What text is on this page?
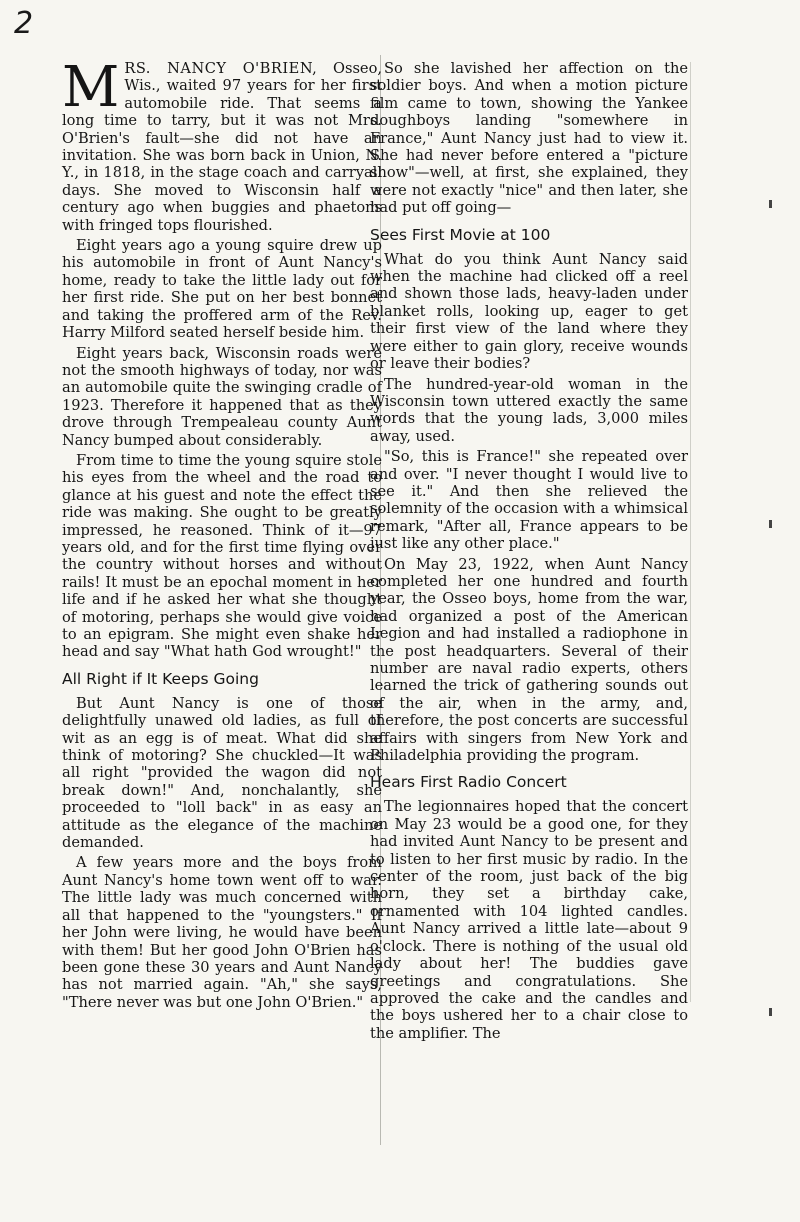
2

MRS. NANCY O'BRIEN, Osseo, Wis., waited 97 years for her first automobile ride. That seems a long time to tarry, but it was not Mrs. O'Brien's fault—she did not have an invitation. She was born back in Union, N. Y., in 1818, in the stage coach and carryall days. She moved to Wisconsin half a century ago when buggies and phaetons with fringed tops flourished.

Eight years ago a young squire drew up his automobile in front of Aunt Nancy's home, ready to take the little lady out for her first ride. She put on her best bonnet and taking the proffered arm of the Rev. Harry Milford seated herself beside him.

Eight years back, Wisconsin roads were not the smooth highways of today, nor was an automobile quite the swinging cradle of 1923. Therefore it happened that as they drove through Trempealeau county Aunt Nancy bumped about considerably.

From time to time the young squire stole his eyes from the wheel and the road to glance at his guest and note the effect the ride was making. She ought to be greatly impressed, he reasoned. Think of it—97 years old, and for the first time flying over the country without horses and without rails! It must be an epochal moment in her life and if he asked her what she thought of motoring, perhaps she would give voice to an epigram. She might even shake her head and say "What hath God wrought!"

All Right if It Keeps Going

But Aunt Nancy is one of those delightfully unawed old ladies, as full of wit as an egg is of meat. What did she think of motoring? She chuckled—It was all right "provided the wagon did not break down!" And, nonchalantly, she proceeded to "loll back" in as easy an attitude as the elegance of the machine demanded.

A few years more and the boys from Aunt Nancy's home town went off to war. The little lady was much concerned with all that happened to the "youngsters." If her John were living, he would have been with them! But her good John O'Brien has been gone these 30 years and Aunt Nancy has not married again. "Ah," she says, "There never was but one John O'Brien."

So she lavished her affection on the soldier boys. And when a motion picture film came to town, showing the Yankee doughboys landing "somewhere in France," Aunt Nancy just had to view it. She had never before entered a "picture show"—well, at first, she explained, they were not exactly "nice" and then later, she had put off going—

Sees First Movie at 100

What do you think Aunt Nancy said when the machine had clicked off a reel and shown those lads, heavy-laden under blanket rolls, looking up, eager to get their first view of the land where they were either to gain glory, receive wounds or leave their bodies?

The hundred-year-old woman in the Wisconsin town uttered exactly the same words that the young lads, 3,000 miles away, used.

"So, this is France!" she repeated over and over. "I never thought I would live to see it." And then she relieved the solemnity of the occasion with a whimsical remark, "After all, France appears to be just like any other place."

On May 23, 1922, when Aunt Nancy completed her one hundred and fourth year, the Osseo boys, home from the war, had organized a post of the American Legion and had installed a radiophone in the post headquarters. Several of their number are naval radio experts, others learned the trick of gathering sounds out of the air, when in the army, and, therefore, the post concerts are successful affairs with singers from New York and Philadelphia providing the program.

Hears First Radio Concert

The legionnaires hoped that the concert on May 23 would be a good one, for they had invited Aunt Nancy to be present and to listen to her first music by radio. In the center of the room, just back of the big horn, they set a birthday cake, ornamented with 104 lighted candles. Aunt Nancy arrived a little late—about 9 o'clock. There is nothing of the usual old lady about her! The buddies gave greetings and congratulations. She approved the cake and the candles and the boys ushered her to a chair close to the amplifier. The
